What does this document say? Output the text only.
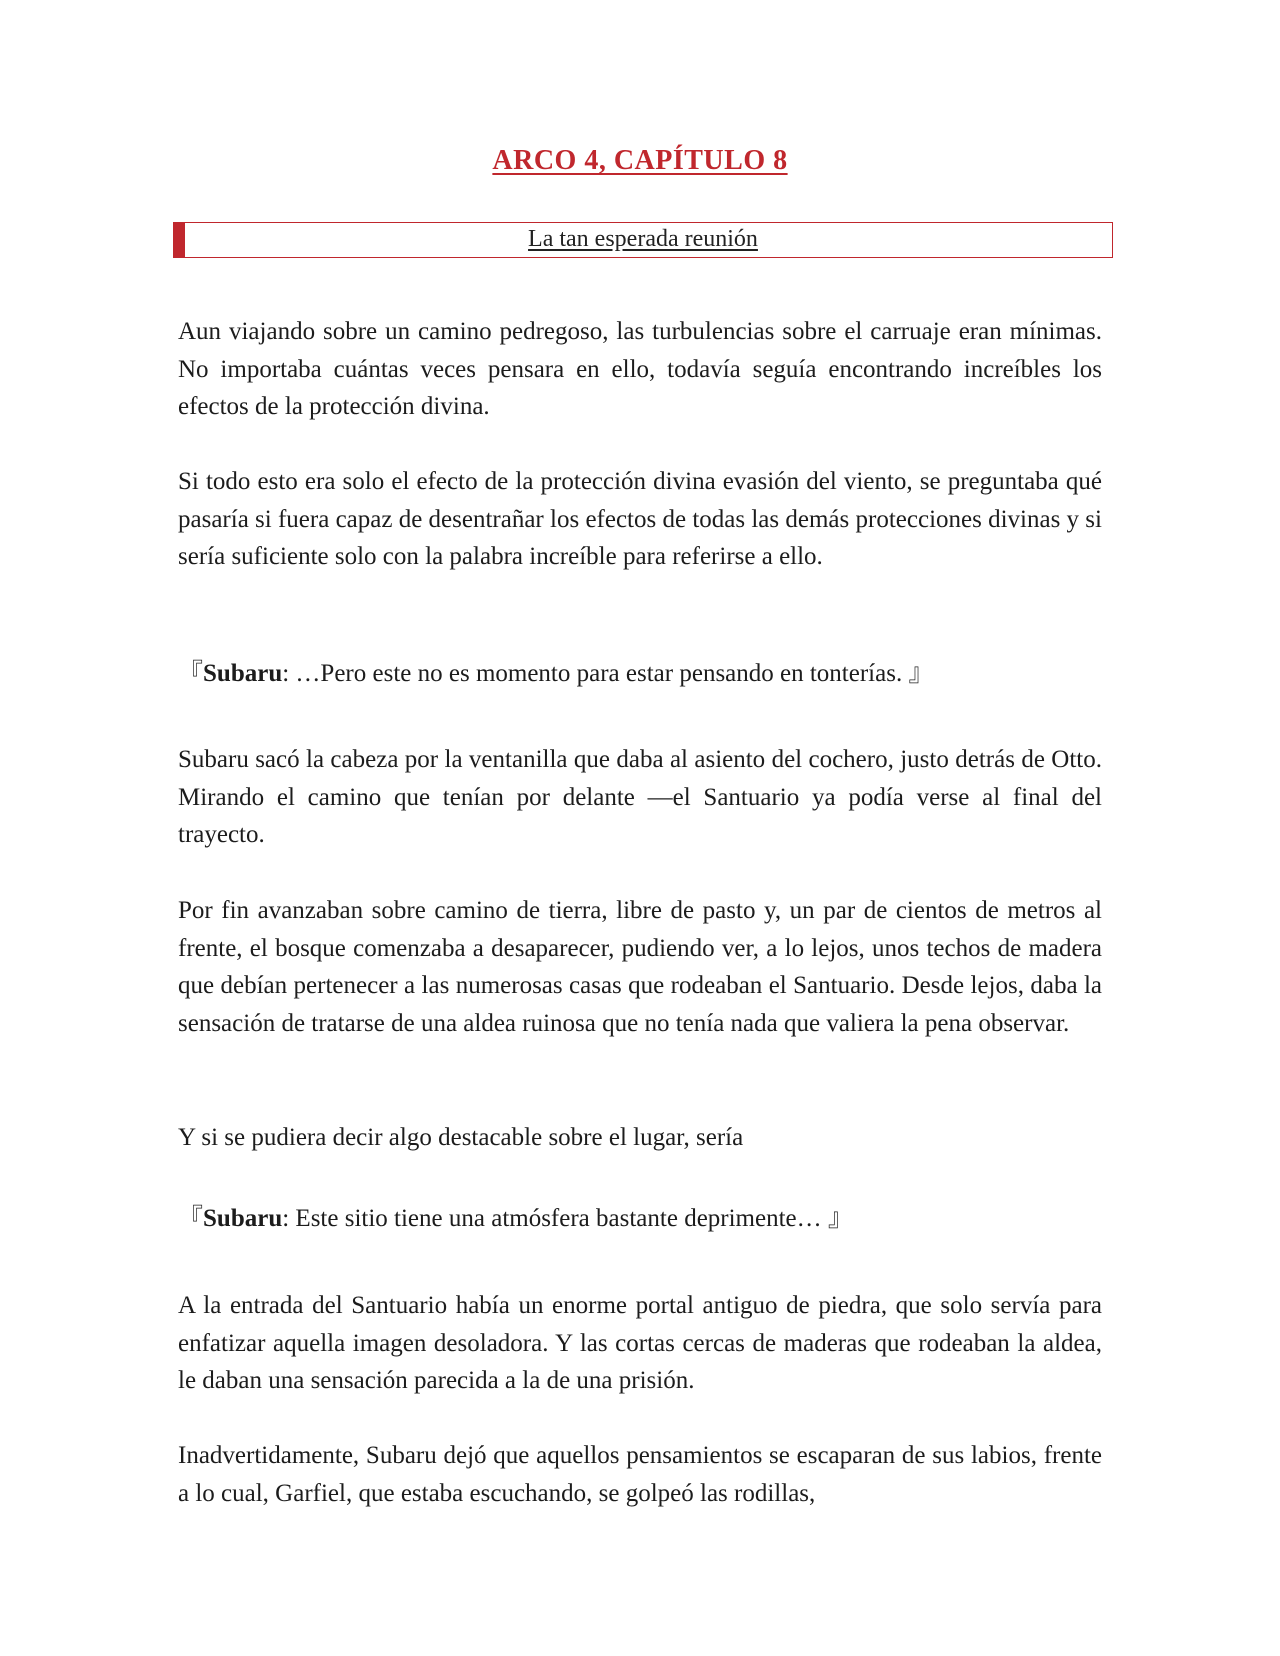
ARCO 4, CAPÍTULO 8
La tan esperada reunión

Aun viajando sobre un camino pedregoso, las turbulencias sobre el carruaje eran mínimas. No importaba cuántas veces pensara en ello, todavía seguía encontrando increíbles los efectos de la protección divina.

Si todo esto era solo el efecto de la protección divina evasión del viento, se preguntaba qué pasaría si fuera capaz de desentrañar los efectos de todas las demás protecciones divinas y si sería suficiente solo con la palabra increíble para referirse a ello.

『Subaru: …Pero este no es momento para estar pensando en tonterías. 』

Subaru sacó la cabeza por la ventanilla que daba al asiento del cochero, justo detrás de Otto. Mirando el camino que tenían por delante —el Santuario ya podía verse al final del trayecto.

Por fin avanzaban sobre camino de tierra, libre de pasto y, un par de cientos de metros al frente, el bosque comenzaba a desaparecer, pudiendo ver, a lo lejos, unos techos de madera que debían pertenecer a las numerosas casas que rodeaban el Santuario. Desde lejos, daba la sensación de tratarse de una aldea ruinosa que no tenía nada que valiera la pena observar.

Y si se pudiera decir algo destacable sobre el lugar, sería

『Subaru: Este sitio tiene una atmósfera bastante deprimente… 』

A la entrada del Santuario había un enorme portal antiguo de piedra, que solo servía para enfatizar aquella imagen desoladora. Y las cortas cercas de maderas que rodeaban la aldea, le daban una sensación parecida a la de una prisión.

Inadvertidamente, Subaru dejó que aquellos pensamientos se escaparan de sus labios, frente a lo cual, Garfiel, que estaba escuchando, se golpeó las rodillas,
